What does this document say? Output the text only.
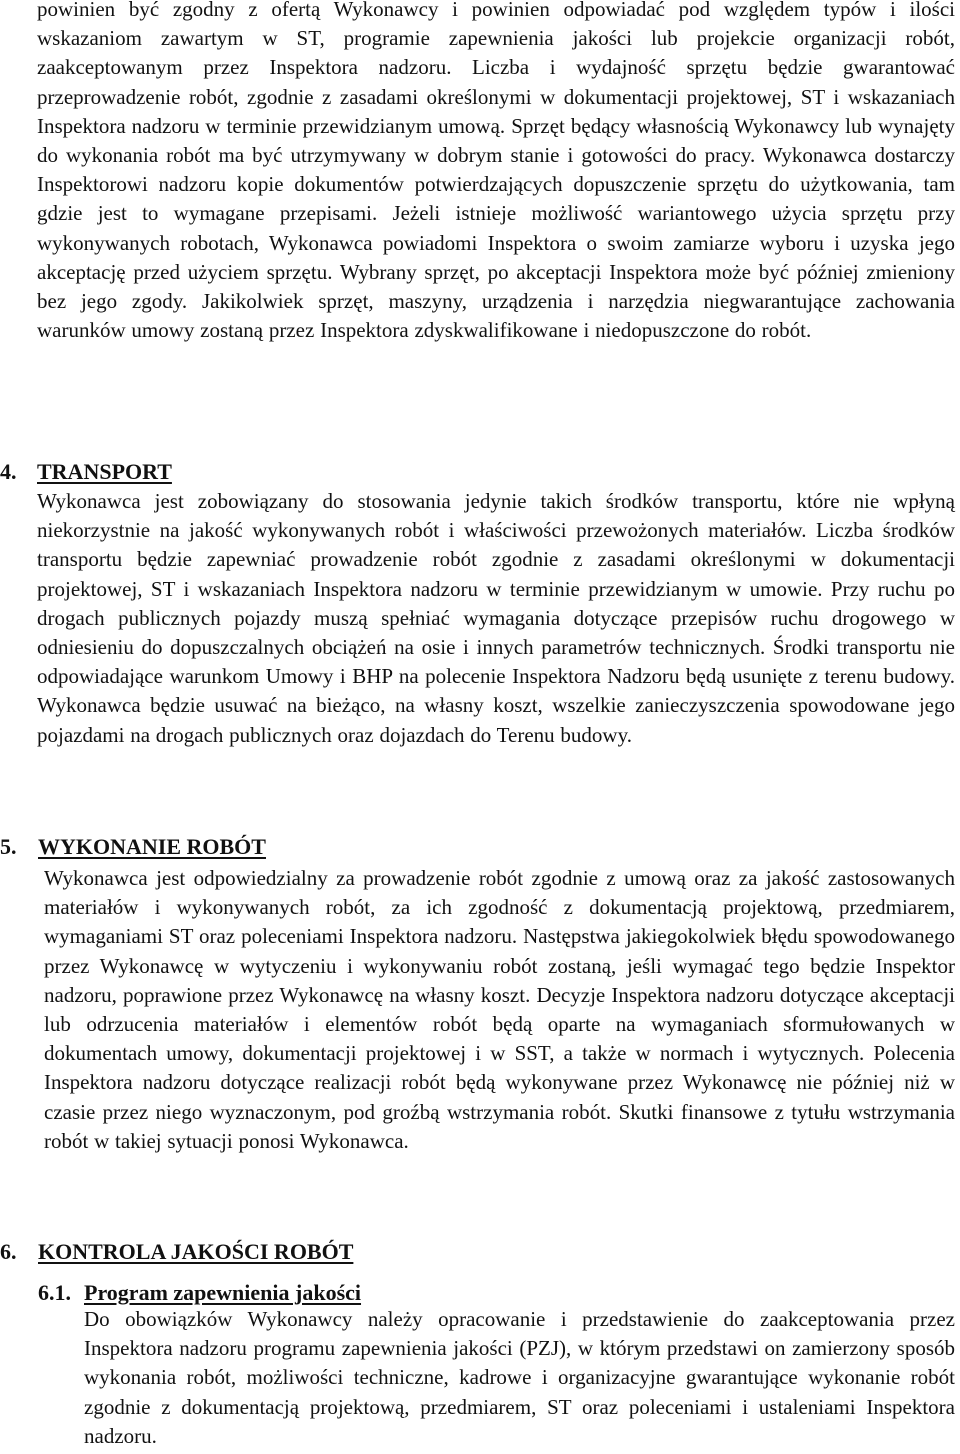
powinien być zgodny z ofertą Wykonawcy i powinien odpowiadać pod względem typów i ilości wskazaniom zawartym w ST, programie zapewnienia jakości lub projekcie organizacji robót, zaakceptowanym przez Inspektora nadzoru. Liczba i wydajność sprzętu będzie gwarantować przeprowadzenie robót, zgodnie z zasadami określonymi w dokumentacji projektowej, ST i wskazaniach Inspektora nadzoru w terminie przewidzianym umową. Sprzęt będący własnością Wykonawcy lub wynajęty do wykonania robót ma być utrzymywany w dobrym stanie i gotowości do pracy. Wykonawca dostarczy Inspektorowi nadzoru kopie dokumentów potwierdzających dopuszczenie sprzętu do użytkowania, tam gdzie jest to wymagane przepisami. Jeżeli istnieje możliwość wariantowego użycia sprzętu przy wykonywanych robotach, Wykonawca powiadomi Inspektora o swoim zamiarze wyboru i uzyska jego akceptację przed użyciem sprzętu. Wybrany sprzęt, po akceptacji Inspektora może być później zmieniony bez jego zgody. Jakikolwiek sprzęt, maszyny, urządzenia i narzędzia niegwarantujące zachowania warunków umowy zostaną przez Inspektora zdyskwalifikowane i niedopuszczone do robót.

4. TRANSPORT

Wykonawca jest zobowiązany do stosowania jedynie takich środków transportu, które nie wpłyną niekorzystnie na jakość wykonywanych robót i właściwości przewożonych materiałów. Liczba środków transportu będzie zapewniać prowadzenie robót zgodnie z zasadami określonymi w dokumentacji projektowej, ST i wskazaniach Inspektora nadzoru w terminie przewidzianym w umowie. Przy ruchu po drogach publicznych pojazdy muszą spełniać wymagania dotyczące przepisów ruchu drogowego w odniesieniu do dopuszczalnych obciążeń na osie i innych parametrów technicznych. Środki transportu nie odpowiadające warunkom Umowy i BHP na polecenie Inspektora Nadzoru będą usunięte z terenu budowy. Wykonawca będzie usuwać na bieżąco, na własny koszt, wszelkie zanieczyszczenia spowodowane jego pojazdami na drogach publicznych oraz dojazdach do Terenu budowy.

5. WYKONANIE ROBÓT

Wykonawca jest odpowiedzialny za prowadzenie robót zgodnie z umową oraz za jakość zastosowanych materiałów i wykonywanych robót, za ich zgodność z dokumentacją projektową, przedmiarem, wymaganiami ST oraz poleceniami Inspektora nadzoru. Następstwa jakiegokolwiek błędu spowodowanego przez Wykonawcę w wytyczeniu i wykonywaniu robót zostaną, jeśli wymagać tego będzie Inspektor nadzoru, poprawione przez Wykonawcę na własny koszt. Decyzje Inspektora nadzoru dotyczące akceptacji lub odrzucenia materiałów i elementów robót będą oparte na wymaganiach sformułowanych w dokumentach umowy, dokumentacji projektowej i w SST, a także w normach i wytycznych. Polecenia Inspektora nadzoru dotyczące realizacji robót będą wykonywane przez Wykonawcę nie później niż w czasie przez niego wyznaczonym, pod groźbą wstrzymania robót. Skutki finansowe z tytułu wstrzymania robót w takiej sytuacji ponosi Wykonawca.

6. KONTROLA JAKOŚCI ROBÓT
6.1. Program zapewnienia jakości

Do obowiązków Wykonawcy należy opracowanie i przedstawienie do zaakceptowania przez Inspektora nadzoru programu zapewnienia jakości (PZJ), w którym przedstawi on zamierzony sposób wykonania robót, możliwości techniczne, kadrowe i organizacyjne gwarantujące wykonanie robót zgodnie z dokumentacją projektową, przedmiarem, ST oraz poleceniami i ustaleniami Inspektora nadzoru.
